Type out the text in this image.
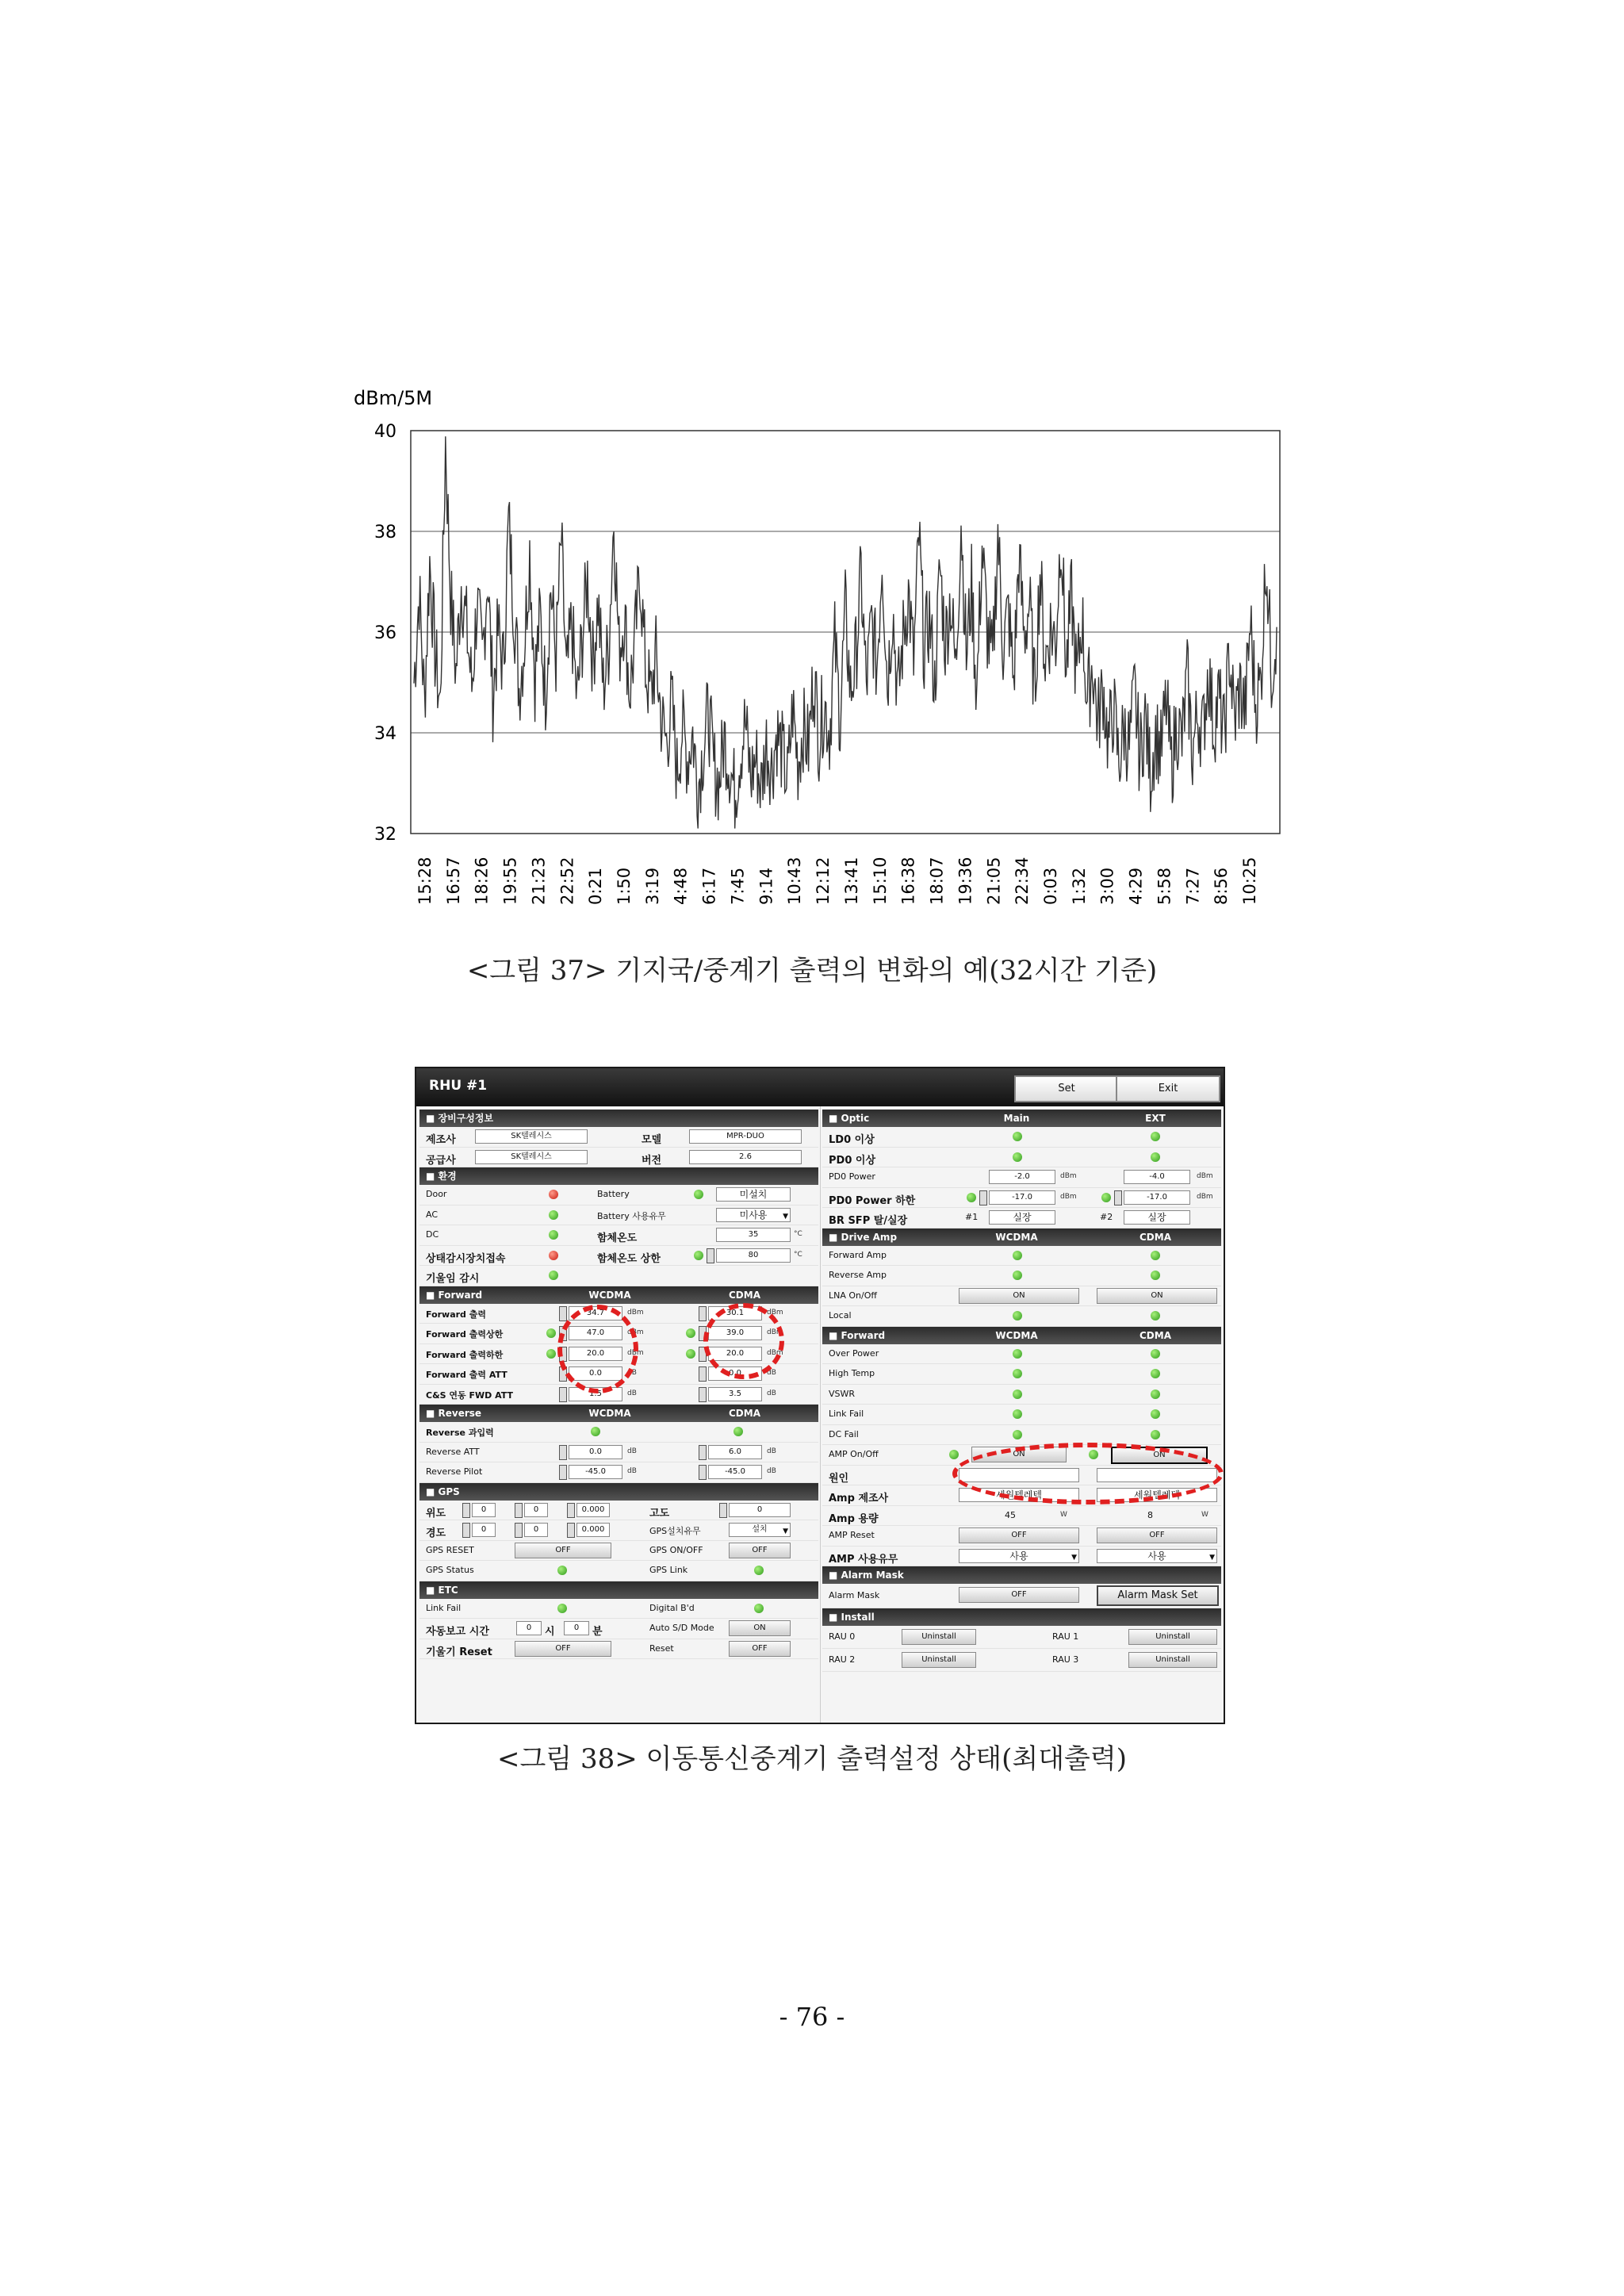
dBm/5M
32
34
36
38
40
15:28 16:57 18:26 19:55 21:23 22:52 0:21 1:50 3:19 4:48 6:17 7:45 9:14 10:43 12:12 13:41 15:10 16:38 18:07 19:36 21:05 22:34 0:03 1:32 3:00 4:29 5:58 7:27 8:56 10:25
<그림 37> 기지국/중계기 출력의 변화의 예(32시간 기준)
RHU #1	Set	Exit
■ 장비구성정보
제조사	SK텔레시스	모델	MPR-DUO
공급사	SK텔레시스	버전	2.6
■ 환경
Door	Battery	미설치
AC	Battery 사용유무	미사용 ▼
DC	함체온도	35	°C
상태감시장치접속	함체온도 상한	80	°C
기울임 감시
■ Forward	WCDMA	CDMA
Forward 출력	34.7	dBm	30.1	dBm
Forward 출력상한	47.0	dBm	39.0	dBm
Forward 출력하한	20.0	dBm	20.0	dBm
Forward 출력 ATT	0.0	dB	0.0	dB
C&S 연동 FWD ATT	1.5	dB	3.5	dB
■ Reverse	WCDMA	CDMA
Reverse 과입력
Reverse ATT	0.0	dB	6.0	dB
Reverse Pilot	-45.0	dB	-45.0	dB
■ GPS
위도	0	0	0.000	고도	0
경도	0	0	0.000	GPS설치유무	설치 ▼
GPS RESET	OFF	GPS ON/OFF	OFF
GPS Status	GPS Link
■ ETC
Link Fail	Digital B'd
자동보고 시간	0	시	0	분	Auto S/D Mode	ON
기울기 Reset	OFF	Reset	OFF
■ Optic	Main	EXT
LD0 이상
PD0 이상
PD0 Power	-2.0	dBm	-4.0	dBm
PD0 Power 하한	-17.0	dBm	-17.0	dBm
BR SFP 탈/실장	#1	실장	#2	실장
■ Drive Amp	WCDMA	CDMA
Forward Amp
Reverse Amp
LNA On/Off	ON	ON
Local
■ Forward	WCDMA	CDMA
Over Power
High Temp
VSWR
Link Fail
DC Fail
AMP On/Off	ON	ON
원인
Amp 제조사	세원텔레텍	세원텔레텍
Amp 용량	45	W	8	W
AMP Reset	OFF	OFF
AMP 사용유무	사용	▼	사용	▼
■ Alarm Mask
Alarm Mask	OFF	Alarm Mask Set
■ Install
RAU 0	Uninstall	RAU 1	Uninstall
RAU 2	Uninstall	RAU 3	Uninstall
<그림 38> 이동통신중계기 출력설정 상태(최대출력)
- 76 -
